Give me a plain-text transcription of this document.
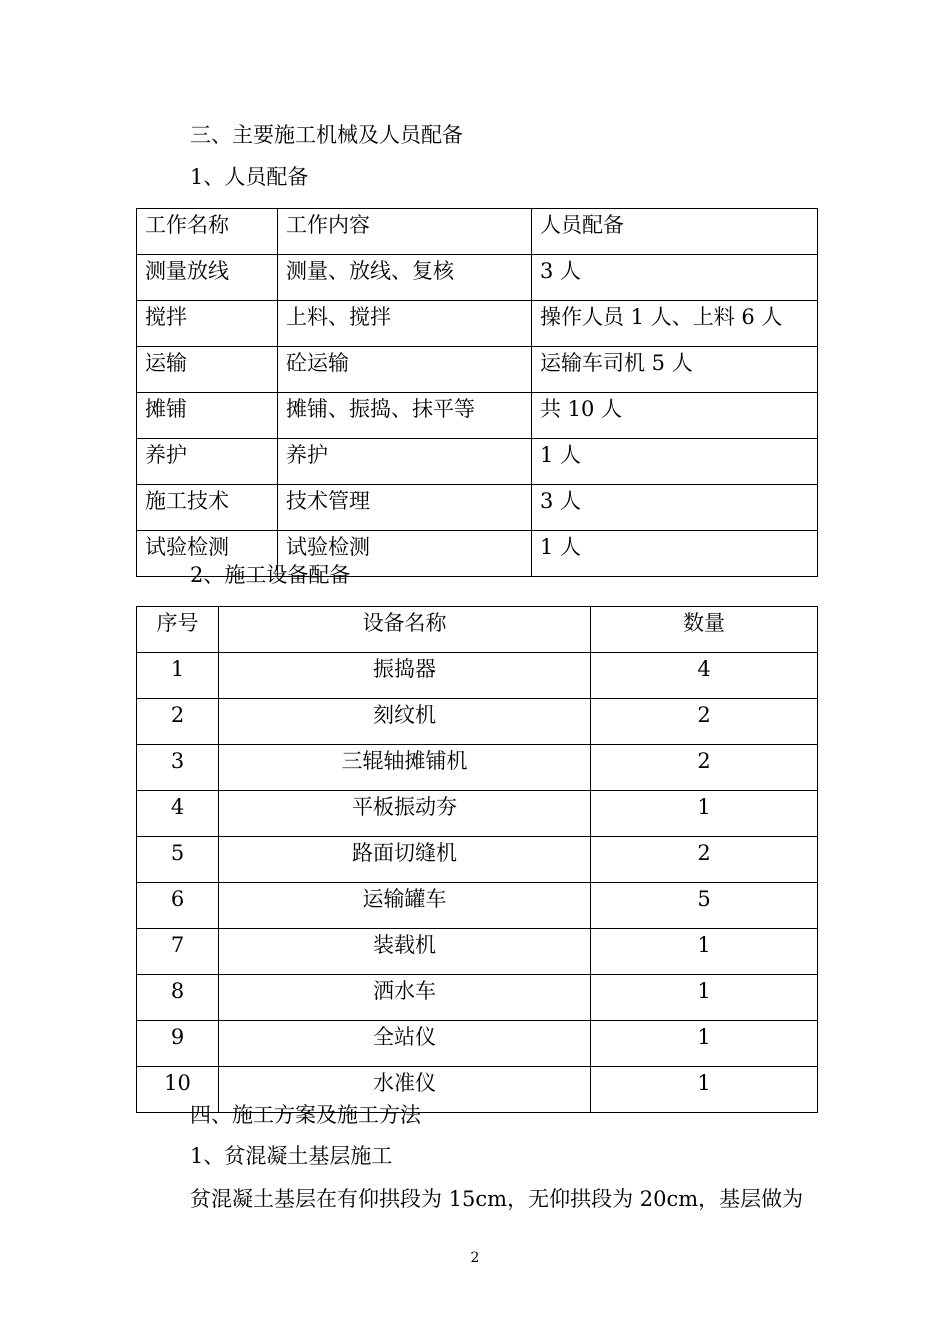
三、主要施工机械及人员配备
1、人员配备
工作名称	工作内容	人员配备
测量放线	测量、放线、复核	3 人
搅拌	上料、搅拌	操作人员 1 人、上料 6 人
运输	砼运输	运输车司机 5 人
摊铺	摊铺、振捣、抹平等	共 10 人
养护	养护	1 人
施工技术	技术管理	3 人
试验检测	试验检测	1 人
2、施工设备配备
序号	设备名称	数量
1	振捣器	4
2	刻纹机	2
3	三辊轴摊铺机	2
4	平板振动夯	1
5	路面切缝机	2
6	运输罐车	5
7	装载机	1
8	洒水车	1
9	全站仪	1
10	水准仪	1
四、施工方案及施工方法
1、贫混凝土基层施工
贫混凝土基层在有仰拱段为 15cm，无仰拱段为 20cm，基层做为
2
